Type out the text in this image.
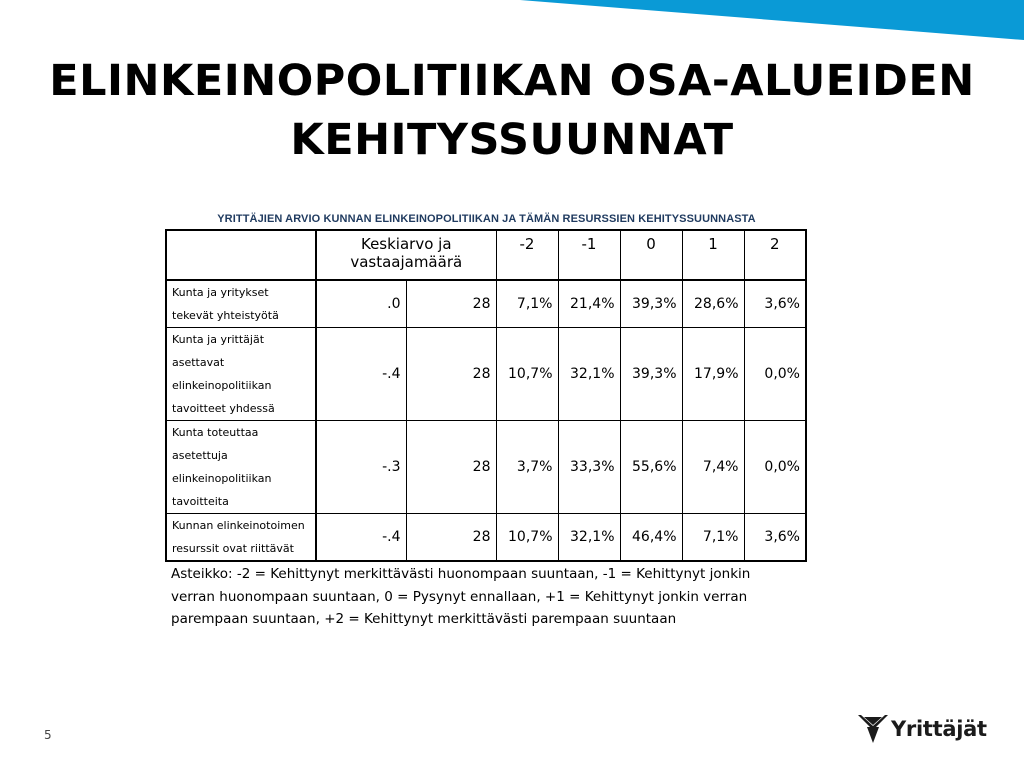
ELINKEINOPOLITIIKAN OSA-ALUEIDEN
KEHITYSSUUNNAT
YRITTÄJIEN ARVIO KUNNAN ELINKEINOPOLITIIKAN JA TÄMÄN RESURSSIEN KEHITYSSUUNNASTA
	Keskiarvo ja vastaajamäärä		-2	-1	0	1	2

Kunta ja yritykset
tekevät yhteistyötä	.0	28	7,1%	21,4%	39,3%	28,6%	3,6%

Kunta ja yrittäjät
asettavat
elinkeinopolitiikan
tavoitteet yhdessä	-.4	28	10,7%	32,1%	39,3%	17,9%	0,0%

Kunta toteuttaa
asetettuja
elinkeinopolitiikan
tavoitteita	-.3	28	3,7%	33,3%	55,6%	7,4%	0,0%

Kunnan elinkeinotoimen
resurssit ovat riittävät	-.4	28	10,7%	32,1%	46,4%	7,1%	3,6%
Asteikko: -2 = Kehittynyt merkittävästi huonompaan suuntaan, -1 = Kehittynyt jonkin
verran huonompaan suuntaan, 0 = Pysynyt ennallaan, +1 = Kehittynyt jonkin verran
parempaan suuntaan, +2 = Kehittynyt merkittävästi parempaan suuntaan
5	Yrittäjät
